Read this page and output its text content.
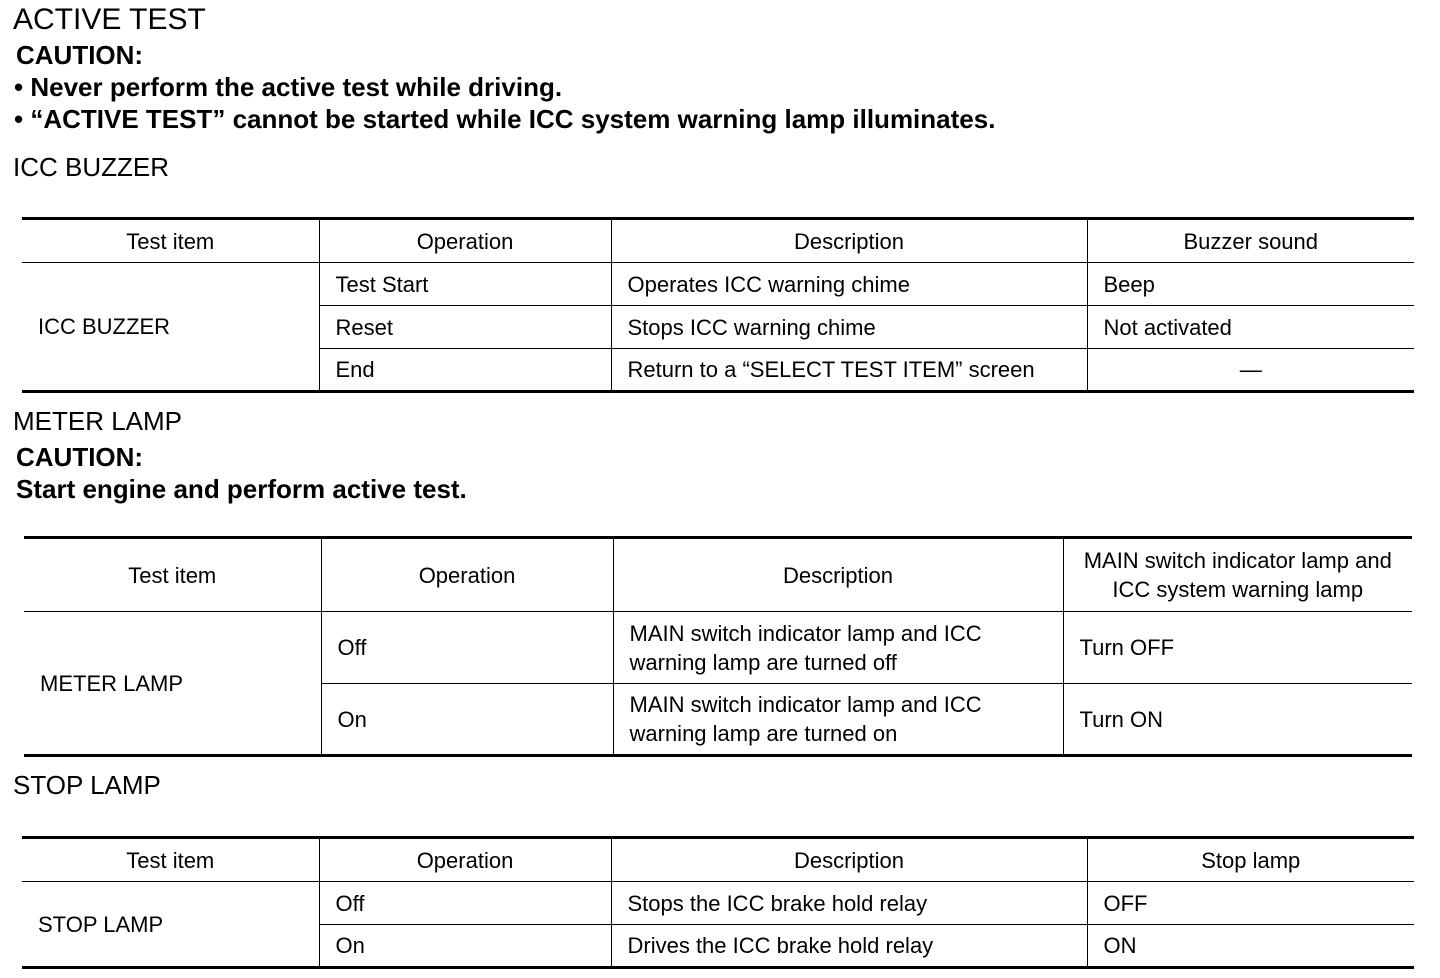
ACTIVE TEST
CAUTION:
• Never perform the active test while driving.
• “ACTIVE TEST” cannot be started while ICC system warning lamp illuminates.
ICC BUZZER
Test item	Operation	Description	Buzzer sound
ICC BUZZER	Test Start	Operates ICC warning chime	Beep
	Reset	Stops ICC warning chime	Not activated
	End	Return to a “SELECT TEST ITEM” screen	—
METER LAMP
CAUTION:
Start engine and perform active test.
Test item	Operation	Description	MAIN switch indicator lamp and ICC system warning lamp
METER LAMP	Off	MAIN switch indicator lamp and ICC warning lamp are turned off	Turn OFF
	On	MAIN switch indicator lamp and ICC warning lamp are turned on	Turn ON
STOP LAMP
Test item	Operation	Description	Stop lamp
STOP LAMP	Off	Stops the ICC brake hold relay	OFF
	On	Drives the ICC brake hold relay	ON
